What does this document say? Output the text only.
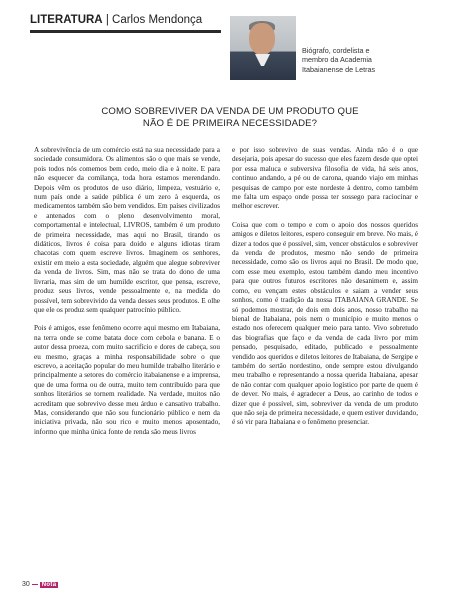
LITERATURA | Carlos Mendonça
Biógrafo, cordelista e
membro da Academia
Itabaianense de Letras
COMO SOBREVIVER DA VENDA DE UM PRODUTO QUE
NÃO É DE PRIMEIRA NECESSIDADE?

A sobrevivência de um comércio está na sua necessidade para a sociedade consumidora. Os alimentos são o que mais se vende, pois todos nós comemos bem cedo, meio dia e à noite. E para não esquecer da comilança, toda hora estamos merendando. Depois vêm os produtos de uso diário, limpeza, vestuário e, num país onde a saúde pública é um zero à esquerda, os medicamentos também são bem vendidos. Em países civilizados e antenados com o pleno desenvolvimento moral, comportamental e intelectual, LIVROS, também é um produto de primeira necessidade, mas aqui no Brasil, tirando os didáticos, livros é coisa para doido e alguns idiotas tiram chacotas com quem escreve livros. Imaginem os senhores, existir em meio a esta sociedade, alguém que alegue sobreviver da venda de livros. Sim, mas não se trata do dono de uma livraria, mas sim de um humilde escritor, que pensa, escreve, produz seus livros, vende pessoalmente e, na medida do possível, tem sobrevivido da venda desses seus produtos. E olhe que ele os produz sem qualquer patrocínio público.

Pois é amigos, esse fenômeno ocorre aqui mesmo em Itabaiana, na terra onde se come batata doce com cebola e banana. E o autor dessa proeza, com muito sacrifício e dores de cabeça, sou eu mesmo, graças a minha responsabilidade sobre o que escrevo, a aceitação popular do meu humilde trabalho literário e principalmente a setores do comércio itabaianense e a imprensa, que de uma forma ou de outra, muito tem contribuído para que sonhos literários se tornem realidade. Na verdade, muitos não acreditam que sobrevivo desse meu árduo e cansativo trabalho. Mas, considerando que não sou funcionário público e nem da iniciativa privada, não sou rico e muito menos aposentado, informo que minha única fonte de renda são meus livros

e por isso sobrevivo de suas vendas. Ainda não é o que desejaria, pois apesar do sucesso que eles fazem desde que optei por essa maluca e subversiva filosofia de vida, há seis anos, continuo andando, a pé ou de carona, quando viajo em minhas pesquisas de campo por este nordeste à dentro, como também me falta um espaço onde possa ter sossego para raciocinar e melhor escrever.

Coisa que com o tempo e com o apoio dos nossos queridos amigos e diletos leitores, espero conseguir em breve. No mais, é dizer a todos que é possível, sim, vencer obstáculos e sobreviver da venda de produtos, mesmo não sendo de primeira necessidade, como são os livros aqui no Brasil. De modo que, com esse meu exemplo, estou também dando meu incentivo para que outros futuros escritores não desanimem e, assim como, eu vençam estes obstáculos e saiam a vender seus sonhos, como é tradição da nossa ITABAIANA GRANDE. Se só podemos mostrar, de dois em dois anos, nosso trabalho na bienal de Itabaiana, pois nem o município e muito menos o estado nos oferecem qualquer meio para tanto. Vivo sobretudo das biografias que faço e da venda de cada livro por mim pensado, pesquisado, editado, publicado e pessoalmente vendido aos queridos e diletos leitores de Itabaiana, de Sergipe e também do sertão nordestino, onde sempre estou divulgando meu trabalho e representando a nossa querida Itabaiana, apesar de não contar com qualquer apoio logístico por parte de quem é de dever. No mais, é agradecer a Deus, ao carinho de todos e dizer que é possível, sim, sobreviver da venda de um produto que não seja de primeira necessidade, e quem estiver duvidando, é só vir para Itabaiana e o fenômeno presenciar.

30	Nota
